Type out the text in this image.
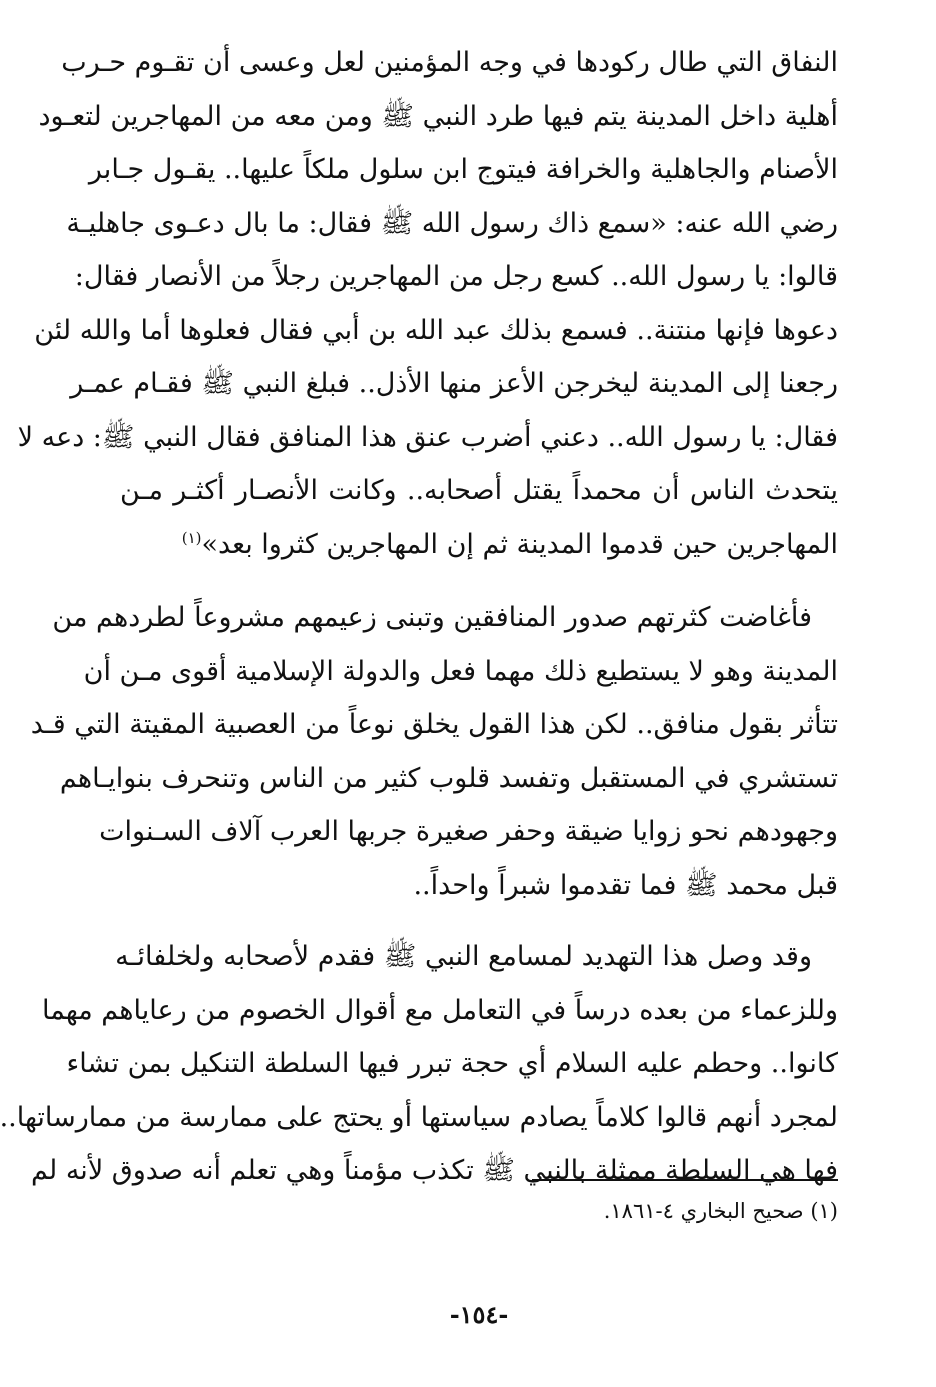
النفاق التي طال ركودها في وجه المؤمنين لعل وعسى أن تقـوم حـرب
أهلية داخل المدينة يتم فيها طرد النبي ﷺ ومن معه من المهاجرين لتعـود
الأصنام والجاهلية والخرافة فيتوج ابن سلول ملكاً عليها.. يقـول جـابر
رضي الله عنه: «سمع ذاك رسول الله ﷺ فقال: ما بال دعـوى جاهليـة
قالوا: يا رسول الله.. كسع رجل من المهاجرين رجلاً من الأنصار فقال:
دعوها فإنها منتنة.. فسمع بذلك عبد الله بن أبي فقال فعلوها أما والله لئن
رجعنا إلى المدينة ليخرجن الأعز منها الأذل.. فبلغ النبي ﷺ فقـام عمـر
فقال: يا رسول الله.. دعني أضرب عنق هذا المنافق فقال النبي ﷺ: دعه لا
يتحدث الناس أن محمداً يقتل أصحابه.. وكانت الأنصـار أكثـر مـن
المهاجرين حين قدموا المدينة ثم إن المهاجرين كثروا بعد»$^{(١)}$
فأغاضت كثرتهم صدور المنافقين وتبنى زعيمهم مشروعاً لطردهم من
المدينة وهو لا يستطيع ذلك مهما فعل والدولة الإسلامية أقوى مـن أن
تتأثر بقول منافق.. لكن هذا القول يخلق نوعاً من العصبية المقيتة التي قـد
تستشري في المستقبل وتفسد قلوب كثير من الناس وتنحرف بنوايـاهم
وجهودهم نحو زوايا ضيقة وحفر صغيرة جربها العرب آلاف السـنوات
قبل محمد ﷺ فما تقدموا شبراً واحداً..
وقد وصل هذا التهديد لمسامع النبي ﷺ فقدم لأصحابه ولخلفائـه
وللزعماء من بعده درساً في التعامل مع أقوال الخصوم من رعاياهم مهما
كانوا.. وحطم عليه السلام أي حجة تبرر فيها السلطة التنكيل بمن تشاء
لمجرد أنهم قالوا كلاماً يصادم سياستها أو يحتج على ممارسة من ممارساتها..
فها هي السلطة ممثلة بالنبي ﷺ تكذب مؤمناً وهي تعلم أنه صدوق لأنه لم
(١) صحيح البخاري ٤-١٨٦١.
-١٥٤-
